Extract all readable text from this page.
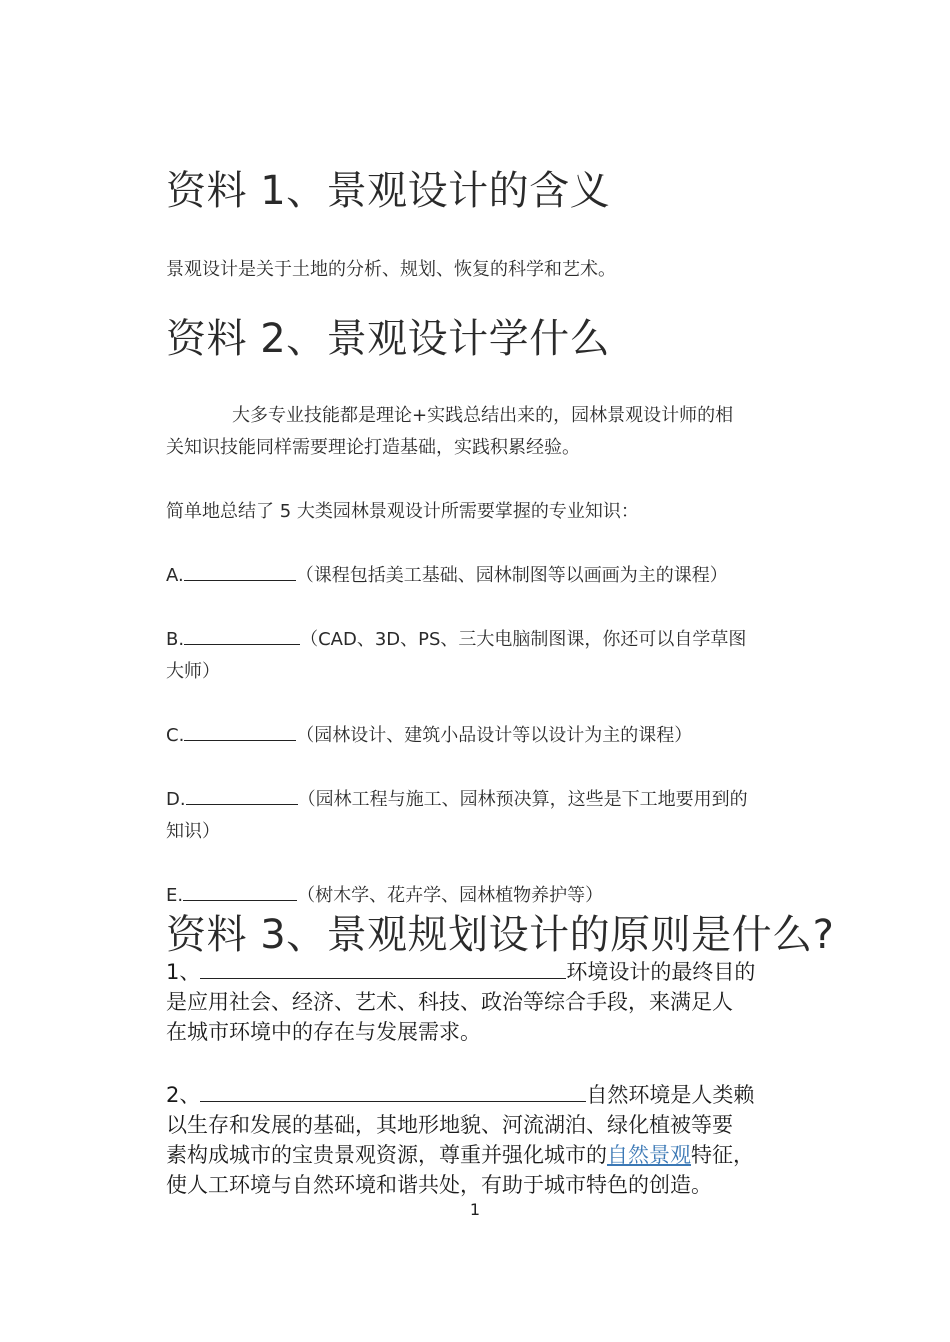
资料 1、景观设计的含义
景观设计是关于土地的分析、规划、恢复的科学和艺术。
资料 2、景观设计学什么
大多专业技能都是理论+实践总结出来的，园林景观设计师的相
关知识技能同样需要理论打造基础，实践积累经验。
简单地总结了 5 大类园林景观设计所需要掌握的专业知识：
A.	（课程包括美工基础、园林制图等以画画为主的课程）
B.	（CAD、3D、PS、三大电脑制图课，你还可以自学草图
大师）
C.	（园林设计、建筑小品设计等以设计为主的课程）
D.	（园林工程与施工、园林预决算，这些是下工地要用到的
知识）
E.	（树木学、花卉学、园林植物养护等）
资料 3、景观规划设计的原则是什么?
1、	环境设计的最终目的
是应用社会、经济、艺术、科技、政治等综合手段，来满足人
在城市环境中的存在与发展需求。
2、	自然环境是人类赖
以生存和发展的基础，其地形地貌、河流湖泊、绿化植被等要
素构成城市的宝贵景观资源，尊重并强化城市的自然景观特征，
使人工环境与自然环境和谐共处，有助于城市特色的创造。
1
